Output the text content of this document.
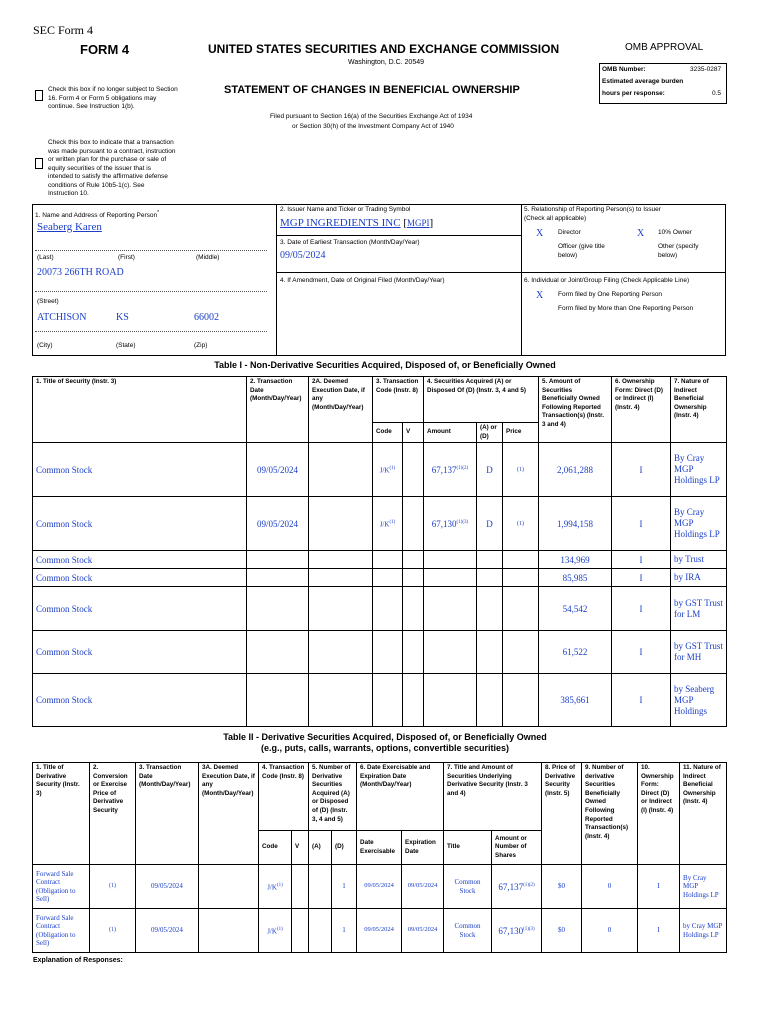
SEC Form 4
FORM 4	UNITED STATES SECURITIES AND EXCHANGE COMMISSION
Washington, D.C. 20549
OMB APPROVAL
OMB Number:	3235-0287
Estimated average burden
hours per response:	0.5
Check this box if no longer subject to Section 16. Form 4 or Form 5 obligations may continue. See Instruction 1(b).
STATEMENT OF CHANGES IN BENEFICIAL OWNERSHIP
Filed pursuant to Section 16(a) of the Securities Exchange Act of 1934
or Section 30(h) of the Investment Company Act of 1940
Check this box to indicate that a transaction was made pursuant to a contract, instruction or written plan for the purchase or sale of equity securities of the issuer that is intended to satisfy the affirmative defense conditions of Rule 10b5-1(c). See Instruction 10.
1. Name and Address of Reporting Person*
Seaberg Karen
(Last)	(First)	(Middle)
20073 266TH ROAD
(Street)
ATCHISON	KS	66002
(City)	(State)	(Zip)
2. Issuer Name and Ticker or Trading Symbol
MGP INGREDIENTS INC [MGPI]
3. Date of Earliest Transaction (Month/Day/Year)
09/05/2024
4. If Amendment, Date of Original Filed (Month/Day/Year)
5. Relationship of Reporting Person(s) to Issuer
(Check all applicable)
X Director	X 10% Owner
Officer (give title
below)
Other (specify
below)
6. Individual or Joint/Group Filing (Check Applicable Line)
X Form filed by One Reporting Person
Form filed by More than One Reporting Person
Table I - Non-Derivative Securities Acquired, Disposed of, or Beneficially Owned
1. Title of Security (Instr. 3)	2. Transaction Date (Month/Day/Year)	2A. Deemed Execution Date, if any (Month/Day/Year)	3. Transaction Code (Instr. 8)		4. Securities Acquired (A) or Disposed Of (D) (Instr. 3, 4 and 5)			5. Amount of Securities Beneficially Owned Following Reported Transaction(s) (Instr. 3 and 4)	6. Ownership Form: Direct (D) or Indirect (I) (Instr. 4)	7. Nature of Indirect Beneficial Ownership (Instr. 4)
			Code	V	Amount	(A) or (D)	Price			
Common Stock	09/05/2024		$J/K^{(1)}$		$67,137^{(1)(2)}$	D	(1)	2,061,288	I	By Cray MGP Holdings LP
Common Stock	09/05/2024		$J/K^{(1)}$		$67,130^{(1)(3)}$	D	(1)	1,994,158	I	By Cray MGP Holdings LP
Common Stock								134,969	I	by Trust
Common Stock								85,985	I	by IRA
Common Stock								54,542	I	by GST Trust for LM
Common Stock								61,522	I	by GST Trust for MH
Common Stock								385,661	I	by Seaberg MGP Holdings
Table II - Derivative Securities Acquired, Disposed of, or Beneficially Owned
(e.g., puts, calls, warrants, options, convertible securities)
1. Title of Derivative Security (Instr. 3)	2. Conversion or Exercise Price of Derivative Security	3. Transaction Date (Month/Day/Year)	3A. Deemed Execution Date, if any (Month/Day/Year)	4. Transaction Code (Instr. 8)		5. Number of Derivative Securities Acquired (A) or Disposed of (D) (Instr. 3, 4 and 5)		6. Date Exercisable and Expiration Date (Month/Day/Year)		7. Title and Amount of Securities Underlying Derivative Security (Instr. 3 and 4)		8. Price of Derivative Security (Instr. 5)	9. Number of derivative Securities Beneficially Owned Following Reported Transaction(s) (Instr. 4)	10. Ownership Form: Direct (D) or Indirect (I) (Instr. 4)	11. Nature of Indirect Beneficial Ownership (Instr. 4)
				Code	V	(A)	(D)	Date Exercisable	Expiration Date	Title	Amount or Number of Shares				
Forward Sale Contract (Obligation to Sell)	(1)	09/05/2024		$J/K^{(1)}$			1	09/05/2024	09/05/2024	Common Stock	$67,137^{(1)(2)}$	$0	0	I	By Cray MGP Holdings LP
Forward Sale Contract (Obligation to Sell)	(1)	09/05/2024		$J/K^{(1)}$			1	09/05/2024	09/05/2024	Common Stock	$67,130^{(1)(3)}$	$0	0	I	by Cray MGP Holdings LP
Explanation of Responses:
